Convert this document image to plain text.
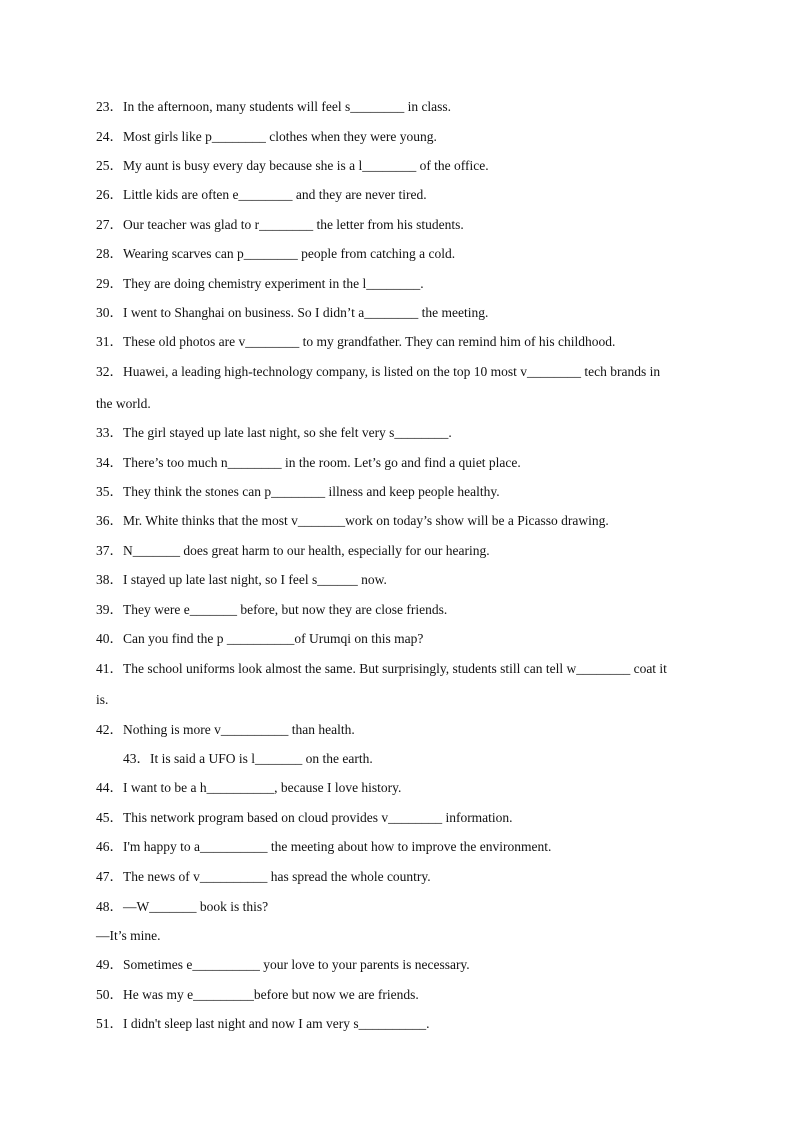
23．In the afternoon, many students will feel s________ in class.
24．Most girls like p________ clothes when they were young.
25．My aunt is busy every day because she is a l________ of the office.
26．Little kids are often e________ and they are never tired.
27．Our teacher was glad to r________ the letter from his students.
28．Wearing scarves can p________ people from catching a cold.
29．They are doing chemistry experiment in the l________.
30．I went to Shanghai on business. So I didn’t a________ the meeting.
31．These old photos are v________ to my grandfather. They can remind him of his childhood.
32．Huawei, a leading high-technology company, is listed on the top 10 most v________ tech brands in
the world.
33．The girl stayed up late last night, so she felt very s________.
34．There’s too much n________ in the room. Let’s go and find a quiet place.
35．They think the stones can p________ illness and keep people healthy.
36．Mr. White thinks that the most v_______work on today’s show will be a Picasso drawing.
37．N_______ does great harm to our health, especially for our hearing.
38．I stayed up late last night, so I feel s______ now.
39．They were e_______ before, but now they are close friends.
40．Can you find the p __________of Urumqi on this map?
41．The school uniforms look almost the same. But surprisingly, students still can tell w________ coat it
is.
42．Nothing is more v__________ than health.
43．It is said a UFO is l_______ on the earth.
44．I want to be a h__________, because I love history.
45．This network program based on cloud provides v________ information.
46．I'm happy to a__________ the meeting about how to improve the environment.
47．The news of v__________ has spread the whole country.
48．—W_______ book is this?
—It’s mine.
49．Sometimes e__________ your love to your parents is necessary.
50．He was my e_________before but now we are friends.
51．I didn't sleep last night and now I am very s__________.
